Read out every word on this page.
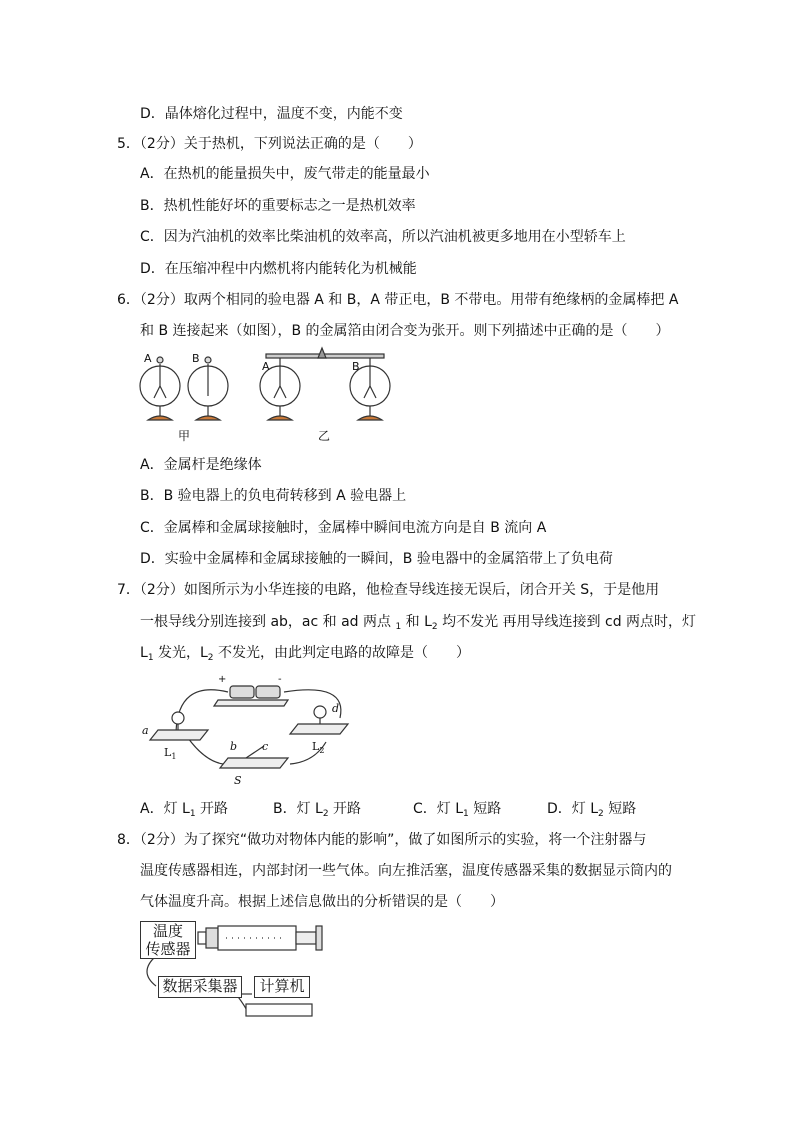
D．晶体熔化过程中，温度不变，内能不变
5．（2分）关于热机，下列说法正确的是（　　）
A．在热机的能量损失中，废气带走的能量最小
B．热机性能好坏的重要标志之一是热机效率
C．因为汽油机的效率比柴油机的效率高，所以汽油机被更多地用在小型轿车上
D．在压缩冲程中内燃机将内能转化为机械能
6．（2分）取两个相同的验电器 A 和 B，A 带正电，B 不带电。用带有绝缘柄的金属棒把 A
和 B 连接起来（如图），B 的金属箔由闭合变为张开。则下列描述中正确的是（　　）
A	B
A	B
甲	乙
A．金属杆是绝缘体
B．B 验电器上的负电荷转移到 A 验电器上
C．金属棒和金属球接触时，金属棒中瞬间电流方向是自 B 流向 A
D．实验中金属棒和金属球接触的一瞬间，B 验电器中的金属箔带上了负电荷
7．（2分）如图所示为小华连接的电路，他检查导线连接无误后，闭合开关 S，于是他用
一根导线分别连接到 ab，ac 和 ad 两点 $_1$ 和 $L_2$ 均不发光 再用导线连接到 cd 两点时，灯
$L_1$ 发光，$L_2$ 不发光，由此判定电路的故障是（　　）
+	-
a
b c
d
$L_1$
$L_2$
S
A．灯 $L_1$ 开路	B．灯 $L_2$ 开路	C．灯 $L_1$ 短路	D．灯 $L_2$ 短路
8．（2分）为了探究“做功对物体内能的影响”，做了如图所示的实验，将一个注射器与
温度传感器相连，内部封闭一些气体。向左推活塞，温度传感器采集的数据显示筒内的
气体温度升高。根据上述信息做出的分析错误的是（　　）
温度
传感器
数据采集器	计算机
